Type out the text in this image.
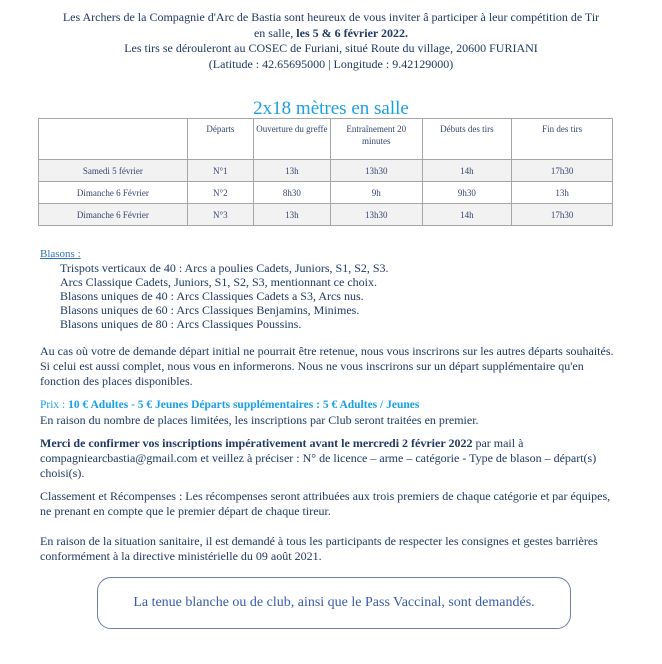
Les Archers de la Compagnie d'Arc de Bastia sont heureux de vous inviter â participer à leur compétition de Tir
en salle, les 5 & 6 février 2022.
Les tirs se dérouleront au COSEC de Furiani, situé Route du village, 20600 FURIANI
(Latitude : 42.65695000 | Longitude : 9.42129000)
2x18 mètres en salle
	Départs	Ouverture du greffe	Entraînement 20 minutes	Débuts des tirs	Fin des tirs
Samedi 5 février	N°1	13h	13h30	14h	17h30
Dimanche 6 Février	N°2	8h30	9h	9h30	13h
Dimanche 6 Février	N°3	13h	13h30	14h	17h30
Blasons :
Trispots verticaux de 40 : Arcs a poulies Cadets, Juniors, S1, S2, S3.
Arcs Classique Cadets, Juniors, S1, S2, S3, mentionnant ce choix.
Blasons uniques de 40 : Arcs Classiques Cadets a S3, Arcs nus.
Blasons uniques de 60 : Arcs Classiques Benjamins, Minimes.
Blasons uniques de 80 : Arcs Classiques Poussins.
Au cas où votre de demande départ initial ne pourrait être retenue, nous vous inscrirons sur les autres départs souhaités. Si celui est aussi complet, nous vous en informerons. Nous ne vous inscrirons sur un départ supplémentaire qu'en fonction des places disponibles.
Prix : 10 € Adultes - 5 € Jeunes Départs supplémentaires : 5 € Adultes / Jeunes
En raison du nombre de places limitées, les inscriptions par Club seront traitées en premier.
Merci de confirmer vos inscriptions impérativement avant le mercredi 2 février 2022 par mail à compagniearcbastia@gmail.com et veillez à préciser : N° de licence – arme – catégorie - Type de blason – départ(s) choisi(s).
Classement et Récompenses : Les récompenses seront attribuées aux trois premiers de chaque catégorie et par équipes, ne prenant en compte que le premier départ de chaque tireur.
En raison de la situation sanitaire, il est demandé à tous les participants de respecter les consignes et gestes barrières conformément à la directive ministérielle du 09 août 2021.
La tenue blanche ou de club, ainsi que le Pass Vaccinal, sont demandés.
